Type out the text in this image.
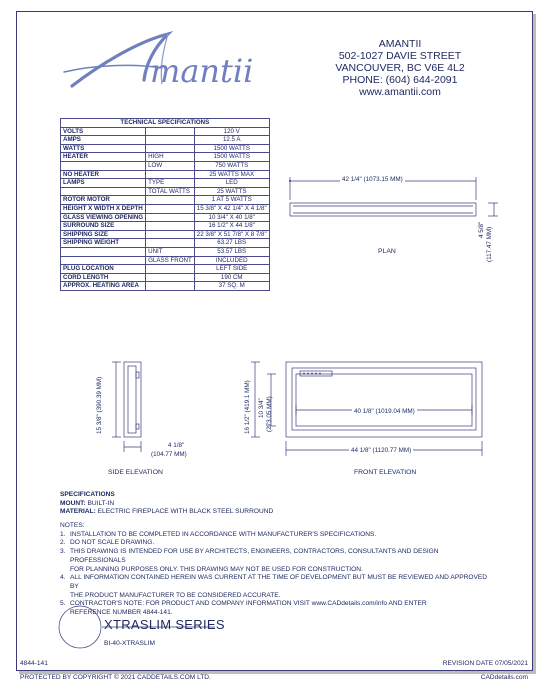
mantii
AMANTII
502-1027 DAVIE STREET
VANCOUVER, BC V6E 4L2
PHONE: (604) 644-2091
www.amantii.com
TECHNICAL SPECIFICATIONS		
VOLTS		120 V
AMPS		12.5 A
WATTS		1500 WATTS
HEATER	HIGH	1500 WATTS
	LOW	750 WATTS
NO HEATER		25 WATTS MAX
LAMPS	TYPE	LED
	TOTAL WATTS	25 WATTS
ROTOR MOTOR		1 AT 5 WATTS
HEIGHT X WIDTH X DEPTH		15 3/8" X 42 1/4" X 4 1/8"
GLASS VIEWING OPENING		10 3/4" X 40 1/8"
SURROUND SIZE		16 1/2" X 44 1/8"
SHIPPING SIZE		22 3/8" X 51 7/8" X 8 7/8"
SHIPPING WEIGHT		63.27 LBS
	UNIT	53.57 LBS
	GLASS FRONT	INCLUDED
PLUG LOCATION		LEFT SIDE
CORD LENGTH		190 CM
APPROX. HEATING AREA		37 SQ. M
42 1/4" (1073.15 MM)
4 5/8" (117.47 MM)
PLAN
15 3/8" (390.39 MM)
4 1/8"
(104.77 MM)
SIDE ELEVATION
16 1/2" (419.1 MM) 10 3/4" (273.05 MM)	40 1/8" (1019.04 MM)
44 1/8" (1120.77 MM)
FRONT ELEVATION
SPECIFICATIONS
MOUNT: BUILT-IN
MATERIAL: ELECTRIC FIREPLACE WITH BLACK STEEL SURROUND
NOTES:
1. INSTALLATION TO BE COMPLETED IN ACCORDANCE WITH MANUFACTURER'S SPECIFICATIONS.
2. DO NOT SCALE DRAWING.
3. THIS DRAWING IS INTENDED FOR USE BY ARCHITECTS, ENGINEERS, CONTRACTORS, CONSULTANTS AND DESIGN PROFESSIONALS
FOR PLANNING PURPOSES ONLY. THIS DRAWING MAY NOT BE USED FOR CONSTRUCTION.
4. ALL INFORMATION CONTAINED HEREIN WAS CURRENT AT THE TIME OF DEVELOPMENT BUT MUST BE REVIEWED AND APPROVED BY
THE PRODUCT MANUFACTURER TO BE CONSIDERED ACCURATE.
5. CONTRACTOR'S NOTE: FOR PRODUCT AND COMPANY INFORMATION VISIT www.CADdetails.com/info AND ENTER
REFERENCE NUMBER 4844-141.
XTRASLIM SERIES
BI-40-XTRASLIM
4844-141	REVISION DATE 07/05/2021
PROTECTED BY COPYRIGHT © 2021 CADDETAILS.COM LTD.	CADdetails.com
